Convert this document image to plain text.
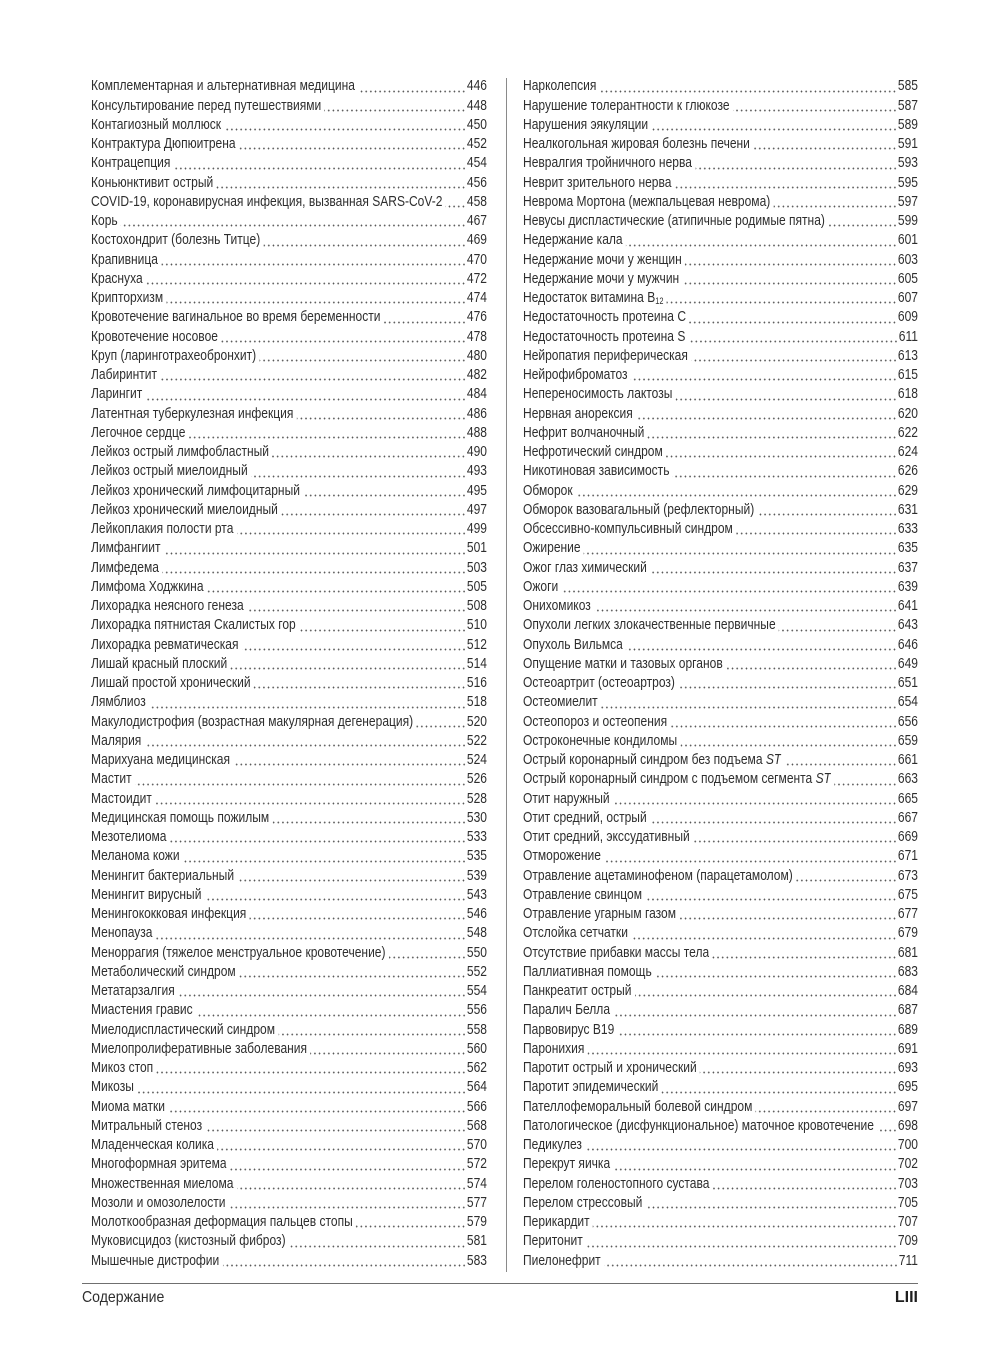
Комплементарная и альтернативная медицина	446
Консультирование перед путешествиями	448
Контагиозный моллюск	450
Контрактура Дюпюитрена	452
Контрацепция	454
Коньюнктивит острый	456
COVID-19, коронавирусная инфекция, вызванная SARS-CoV-2 458
Корь	467
Костохондрит (болезнь Титце)	469
Крапивница	470
Краснуха	472
Крипторхизм	474
Кровотечение вагинальное во время беременности	476
Кровотечение носовое	478
Круп (ларинготрахеобронхит)	480
Лабиринтит	482
Ларингит	484
Латентная туберкулезная инфекция	486
Легочное сердце	488
Лейкоз острый лимфобластный	490
Лейкоз острый миелоидный	493
Лейкоз хронический лимфоцитарный	495
Лейкоз хронический миелоидный	497
Лейкоплакия полости рта	499
Лимфангиит	501
Лимфедема	503
Лимфома Ходжкина	505
Лихорадка неясного генеза	508
Лихорадка пятнистая Скалистых гор	510
Лихорадка ревматическая	512
Лишай красный плоский	514
Лишай простой хронический	516
Лямблиоз	518
Макулодистрофия (возрастная макулярная дегенерация)	520
Малярия	522
Марихуана медицинская	524
Мастит	526
Мастоидит	528
Медицинская помощь пожилым	530
Мезотелиома	533
Меланома кожи	535
Менингит бактериальный	539
Менингит вирусный	543
Менингококковая инфекция	546
Менопауза	548
Меноррагия (тяжелое менструальное кровотечение)	550
Метаболический синдром	552
Метатарзалгия	554
Миастения гравис	556
Миелодиспластический синдром	558
Миелопролиферативные заболевания	560
Микоз стоп	562
Микозы	564
Миома матки	566
Митральный стеноз	568
Младенческая колика	570
Многоформная эритема	572
Множественная миелома	574
Мозоли и омозолелости	577
Молоткообразная деформация пальцев стопы	579
Муковисцидоз (кистозный фиброз)	581
Мышечные дистрофии	583
Нарколепсия	585
Нарушение толерантности к глюкозе	587
Нарушения эякуляции	589
Неалкогольная жировая болезнь печени	591
Невралгия тройничного нерва	593
Неврит зрительного нерва	595
Неврома Мортона (межпальцевая неврома)	597
Невусы диспластические (атипичные родимые пятна)	599
Недержание кала	601
Недержание мочи у женщин	603
Недержание мочи у мужчин	605
Недостаток витамина $B_{12}$	607
Недостаточность протеина C	609
Недостаточность протеина S	611
Нейропатия периферическая	613
Нейрофиброматоз	615
Непереносимость лактозы	618
Нервная анорексия	620
Нефрит волчаночный	622
Нефротический синдром	624
Никотиновая зависимость	626
Обморок	629
Обморок вазовагальный (рефлекторный)	631
Обсессивно-компульсивный синдром	633
Ожирение	635
Ожог глаз химический	637
Ожоги	639
Онихомикоз	641
Опухоли легких злокачественные первичные	643
Опухоль Вильмса	646
Опущение матки и тазовых органов	649
Остеоартрит (остеоартроз)	651
Остеомиелит	654
Остеопороз и остеопения	656
Остроконечные кондиломы	659
Острый коронарный синдром без подъема ST	661
Острый коронарный синдром с подъемом сегмента ST	663
Отит наружный	665
Отит средний, острый	667
Отит средний, экссудативный	669
Отморожение	671
Отравление ацетаминофеном (парацетамолом)	673
Отравление свинцом	675
Отравление угарным газом	677
Отслойка сетчатки	679
Отсутствие прибавки массы тела	681
Паллиативная помощь	683
Панкреатит острый	684
Паралич Белла	687
Парвовирус B19	689
Паронихия	691
Паротит острый и хронический	693
Паротит эпидемический	695
Пателлофеморальный болевой синдром	697
Патологическое (дисфункциональное) маточное кровотечение 698
Педикулез	700
Перекрут яичка	702
Перелом голеностопного сустава	703
Перелом стрессовый	705
Перикардит	707
Перитонит	709
Пиелонефрит	711
Содержание	LIII
